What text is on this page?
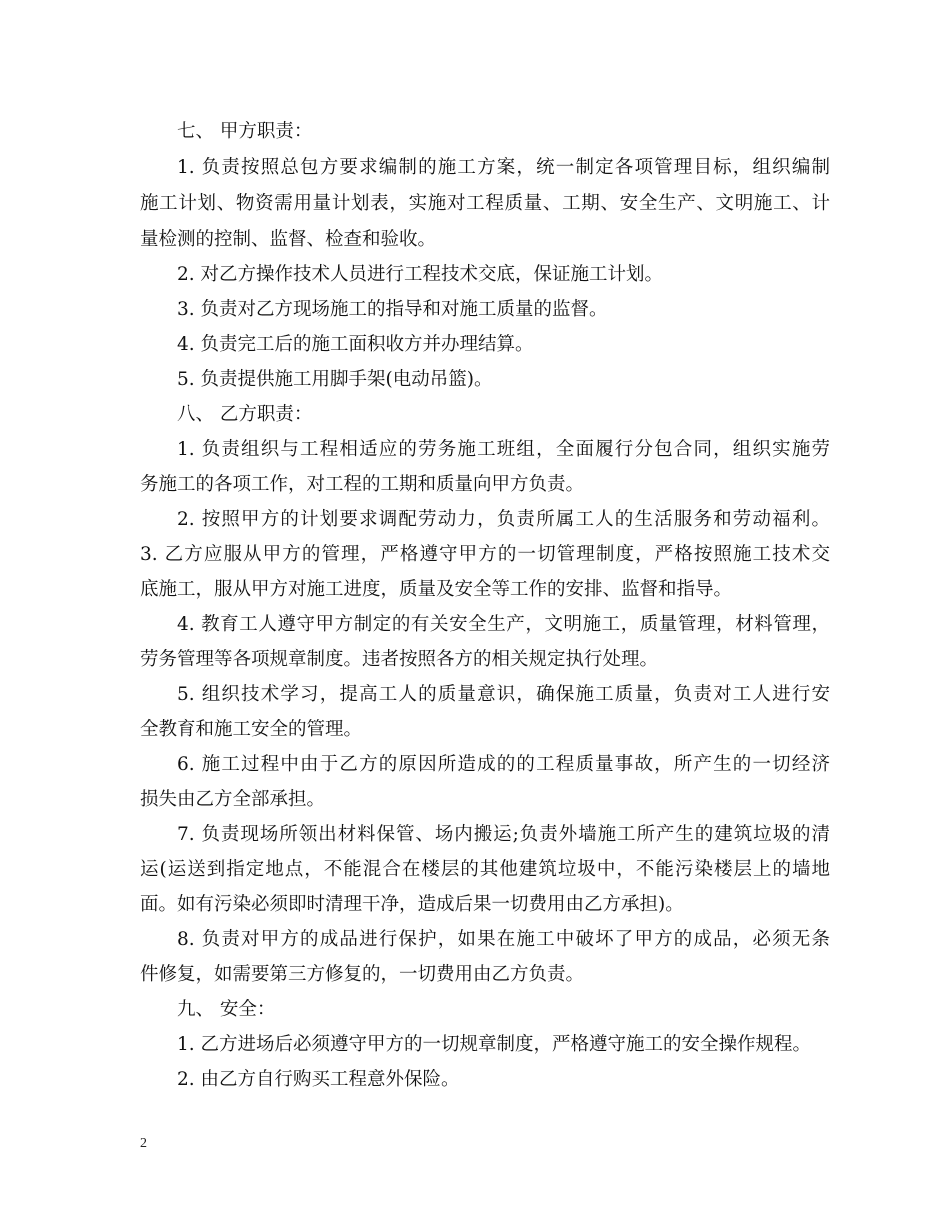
七、 甲方职责：
1. 负责按照总包方要求编制的施工方案，统一制定各项管理目标，组织编制
施工计划、物资需用量计划表，实施对工程质量、工期、安全生产、文明施工、计
量检测的控制、监督、检查和验收。
2. 对乙方操作技术人员进行工程技术交底，保证施工计划。
3. 负责对乙方现场施工的指导和对施工质量的监督。
4. 负责完工后的施工面积收方并办理结算。
5. 负责提供施工用脚手架(电动吊篮)。
八、 乙方职责：
1. 负责组织与工程相适应的劳务施工班组，全面履行分包合同，组织实施劳
务施工的各项工作，对工程的工期和质量向甲方负责。
2. 按照甲方的计划要求调配劳动力，负责所属工人的生活服务和劳动福利。
3. 乙方应服从甲方的管理，严格遵守甲方的一切管理制度，严格按照施工技术交
底施工，服从甲方对施工进度，质量及安全等工作的安排、监督和指导。
4. 教育工人遵守甲方制定的有关安全生产，文明施工，质量管理，材料管理，
劳务管理等各项规章制度。违者按照各方的相关规定执行处理。
5. 组织技术学习，提高工人的质量意识，确保施工质量，负责对工人进行安
全教育和施工安全的管理。
6. 施工过程中由于乙方的原因所造成的的工程质量事故，所产生的一切经济
损失由乙方全部承担。
7. 负责现场所领出材料保管、场内搬运;负责外墙施工所产生的建筑垃圾的清
运(运送到指定地点，不能混合在楼层的其他建筑垃圾中，不能污染楼层上的墙地
面。如有污染必须即时清理干净，造成后果一切费用由乙方承担)。
8. 负责对甲方的成品进行保护，如果在施工中破坏了甲方的成品，必须无条
件修复，如需要第三方修复的，一切费用由乙方负责。
九、 安全：
1. 乙方进场后必须遵守甲方的一切规章制度，严格遵守施工的安全操作规程。
2. 由乙方自行购买工程意外保险。
2
